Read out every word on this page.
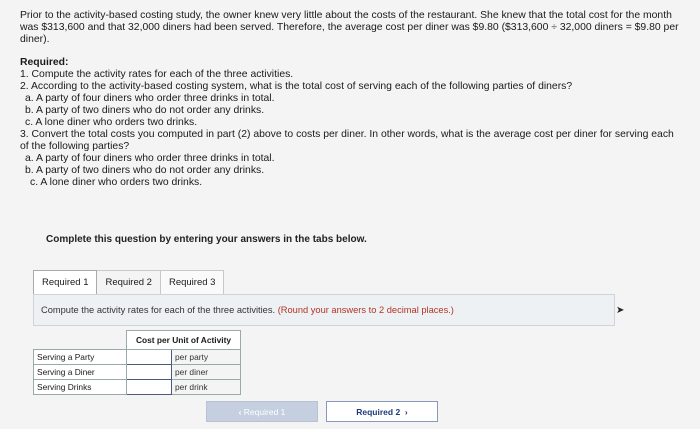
Prior to the activity-based costing study, the owner knew very little about the costs of the restaurant. She knew that the total cost for the month was $313,600 and that 32,000 diners had been served. Therefore, the average cost per diner was $9.80 ($313,600 ÷ 32,000 diners = $9.80 per diner).

Required:

1. Compute the activity rates for each of the three activities.

2. According to the activity-based costing system, what is the total cost of serving each of the following parties of diners?

a. A party of four diners who order three drinks in total.

b. A party of two diners who do not order any drinks.

c. A lone diner who orders two drinks.

3. Convert the total costs you computed in part (2) above to costs per diner. In other words, what is the average cost per diner for serving each of the following parties?

a. A party of four diners who order three drinks in total.

b. A party of two diners who do not order any drinks.

c. A lone diner who orders two drinks.

Complete this question by entering your answers in the tabs below.
Required 1	Required 2	Required 3
Compute the activity rates for each of the three activities. (Round your answers to 2 decimal places.)	➤
	Cost per Unit of Activity	
Serving a Party		per party
Serving a Diner		per diner
Serving Drinks		per drink
‹ Required 1	Required 2 ›
